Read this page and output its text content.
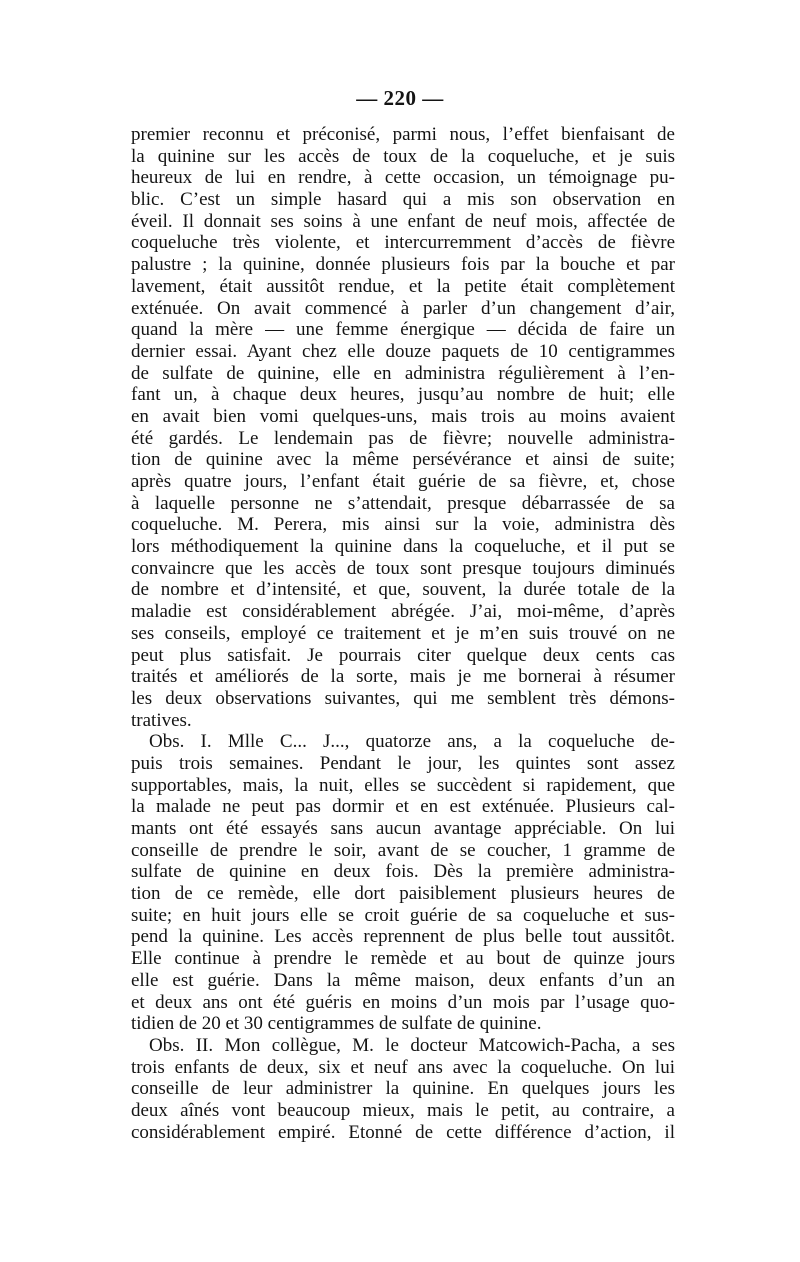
— 220 —
premier reconnu et préconisé, parmi nous, l’effet bienfaisant de
la quinine sur les accès de toux de la coqueluche, et je suis
heureux de lui en rendre, à cette occasion, un témoignage pu-
blic. C’est un simple hasard qui a mis son observation en
éveil. Il donnait ses soins à une enfant de neuf mois, affectée de
coqueluche très violente, et intercurremment d’accès de fièvre
palustre ; la quinine, donnée plusieurs fois par la bouche et par
lavement, était aussitôt rendue, et la petite était complètement
exténuée. On avait commencé à parler d’un changement d’air,
quand la mère — une femme énergique — décida de faire un
dernier essai. Ayant chez elle douze paquets de 10 centigrammes
de sulfate de quinine, elle en administra régulièrement à l’en-
fant un, à chaque deux heures, jusqu’au nombre de huit; elle
en avait bien vomi quelques-uns, mais trois au moins avaient
été gardés. Le lendemain pas de fièvre; nouvelle administra-
tion de quinine avec la même persévérance et ainsi de suite;
après quatre jours, l’enfant était guérie de sa fièvre, et, chose
à laquelle personne ne s’attendait, presque débarrassée de sa
coqueluche. M. Perera, mis ainsi sur la voie, administra dès
lors méthodiquement la quinine dans la coqueluche, et il put se
convaincre que les accès de toux sont presque toujours diminués
de nombre et d’intensité, et que, souvent, la durée totale de la
maladie est considérablement abrégée. J’ai, moi-même, d’après
ses conseils, employé ce traitement et je m’en suis trouvé on ne
peut plus satisfait. Je pourrais citer quelque deux cents cas
traités et améliorés de la sorte, mais je me bornerai à résumer
les deux observations suivantes, qui me semblent très démons-
tratives.
Obs. I. Mlle C... J..., quatorze ans, a la coqueluche de-
puis trois semaines. Pendant le jour, les quintes sont assez
supportables, mais, la nuit, elles se succèdent si rapidement, que
la malade ne peut pas dormir et en est exténuée. Plusieurs cal-
mants ont été essayés sans aucun avantage appréciable. On lui
conseille de prendre le soir, avant de se coucher, 1 gramme de
sulfate de quinine en deux fois. Dès la première administra-
tion de ce remède, elle dort paisiblement plusieurs heures de
suite; en huit jours elle se croit guérie de sa coqueluche et sus-
pend la quinine. Les accès reprennent de plus belle tout aussitôt.
Elle continue à prendre le remède et au bout de quinze jours
elle est guérie. Dans la même maison, deux enfants d’un an
et deux ans ont été guéris en moins d’un mois par l’usage quo-
tidien de 20 et 30 centigrammes de sulfate de quinine.
Obs. II. Mon collègue, M. le docteur Matcowich-Pacha, a ses
trois enfants de deux, six et neuf ans avec la coqueluche. On lui
conseille de leur administrer la quinine. En quelques jours les
deux aînés vont beaucoup mieux, mais le petit, au contraire, a
considérablement empiré. Etonné de cette différence d’action, il
